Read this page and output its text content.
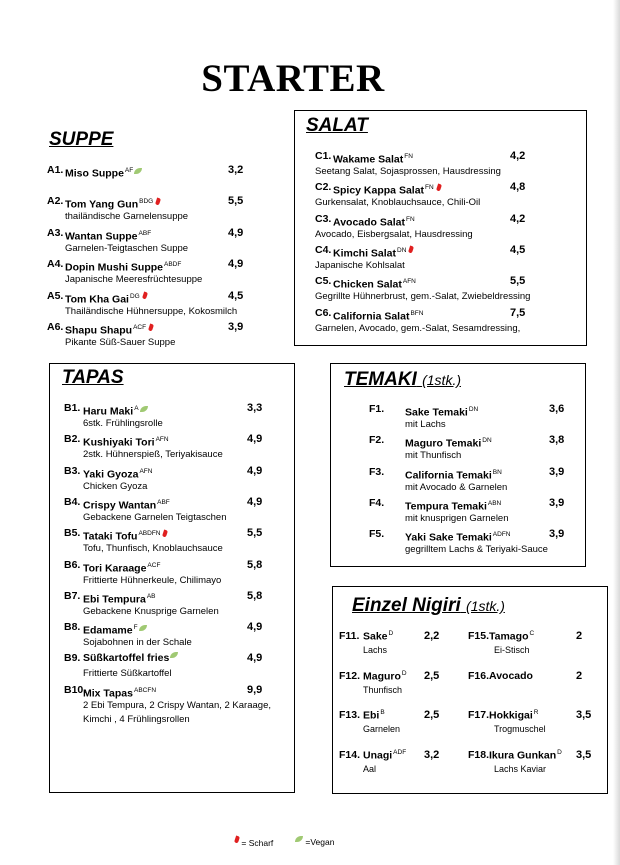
STARTER
SUPPE
A1. Miso Suppe$^{AF}$	3,2
A2. Tom Yang Gun$^{BDG}$	5,5
thailändische Garnelensuppe
A3. Wantan Suppe$^{ABF}$	4,9
Garnelen-Teigtaschen Suppe
A4. Dopin Mushi Suppe$^{ABDF}$	4,9
Japanische Meeresfrüchtesuppe
A5. Tom Kha Gai$^{DG}$	4,5
Thailändische Hühnersuppe, Kokosmilch
A6. Shapu Shapu$^{ACF}$	3,9
Pikante Süß-Sauer Suppe
SALAT
C1. Wakame Salat$^{FN}$	4,2
Seetang Salat, Sojasprossen, Hausdressing
C2. Spicy Kappa Salat$^{FN}$	4,8
Gurkensalat, Knoblauchsauce, Chili-Oil
C3. Avocado Salat$^{FN}$	4,2
Avocado, Eisbergsalat, Hausdressing
C4. Kimchi Salat$^{DN}$	4,5
Japanische Kohlsalat
C5. Chicken Salat$^{AFN}$	5,5
Gegrillte Hühnerbrust, gem.-Salat, Zwiebeldressing
C6. California Salat$^{BFN}$	7,5
Garnelen, Avocado, gem.-Salat, Sesamdressing,
TAPAS
B1. Haru Maki$^A$	3,3
6stk. Frühlingsrolle
B2. Kushiyaki Tori$^{AFN}$	4,9
2stk. Hühnerspieß, Teriyakisauce
B3. Yaki Gyoza$^{AFN}$	4,9
Chicken Gyoza
B4. Crispy Wantan$^{ABF}$	4,9
Gebackene Garnelen Teigtaschen
B5. Tataki Tofu$^{ABDFN}$	5,5
Tofu, Thunfisch, Knoblauchsauce
B6. Tori Karaage$^{ACF}$	5,8
Frittierte Hühnerkeule, Chilimayo
B7. Ebi Tempura$^{AB}$	5,8
Gebackene Knusprige Garnelen
B8. Edamame$^F$	4,9
Sojabohnen in der Schale
B9. Süßkartoffel fries	4,9
Frittierte Süßkartoffel
B10.
Mix Tapas$^{ABCFN}$	9,9
2 Ebi Tempura, 2 Crispy Wantan, 2 Karaage,
Kimchi , 4 Frühlingsrollen
TEMAKI (1stk.)
F1. Sake Temaki$^{DN}$	3,6
mit Lachs
F2. Maguro Temaki$^{DN}$	3,8
mit Thunfisch
F3. California Temaki$^{BN}$	3,9
mit Avocado & Garnelen
F4. Tempura Temaki$^{ABN}$	3,9
mit knusprigen Garnelen
F5. Yaki Sake Temaki$^{ADFN}$	3,9
gegrilltem Lachs & Teriyaki-Sauce
Einzel Nigiri (1stk.)
F11. Sake$^D$	2,2
Lachs
F12. Maguro$^D$ 2,5
Thunfisch
F13. Ebi$^B$	2,5
Garnelen
F14. Unagi$^{ADF}$ 3,2
Aal
F15. Tamago$^C$	2
Ei-Stisch
F16. Avocado	2
F17. Hokkigai$^R$	3,5
Trogmuschel
F18. Ikura Gunkan$^D$ 3,5
Lachs Kaviar
= Scharf	=Vegan
